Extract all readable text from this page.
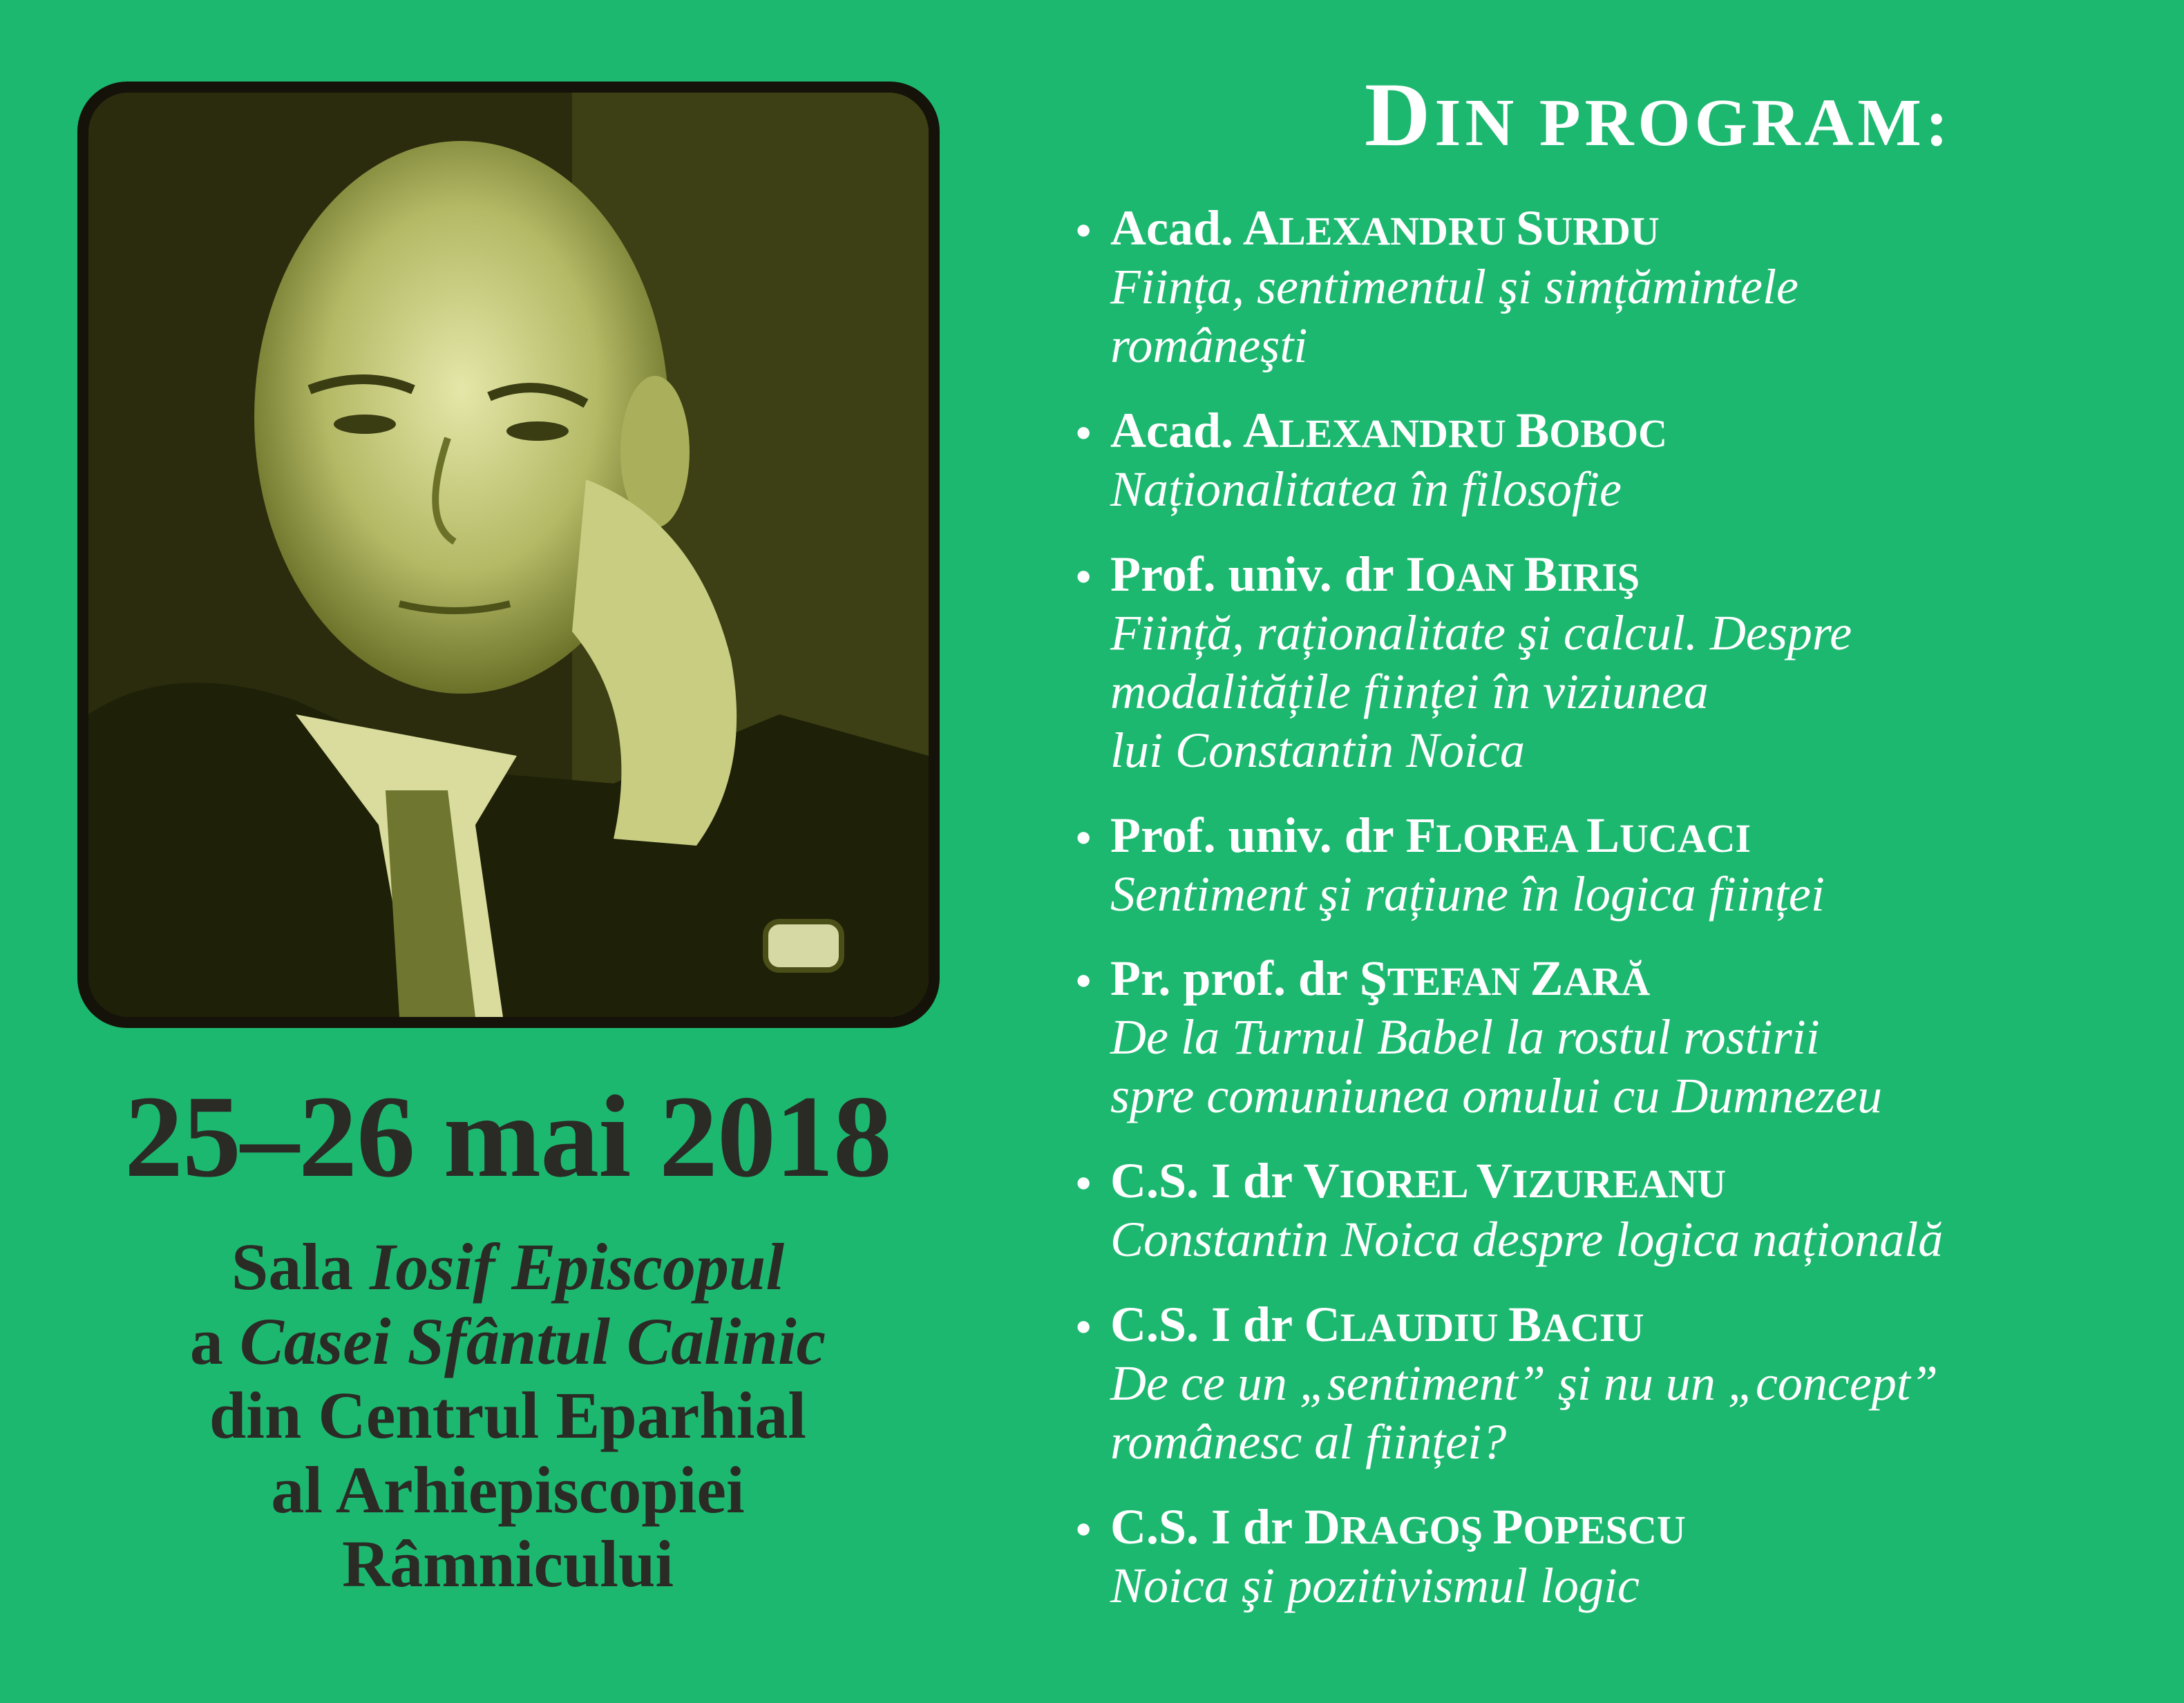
25–26 mai 2018
Sala Iosif Episcopul
a Casei Sfântul Calinic
din Centrul Eparhial
al Arhiepiscopiei
Râmnicului
DIN PROGRAM:
• Acad. ALEXANDRU SURDU
Ființa, sentimentul şi simțămintele
româneşti
• Acad. ALEXANDRU BOBOC
Naționalitatea în filosofie
• Prof. univ. dr IOAN BIRIŞ
Ființă, raționalitate şi calcul. Despre
modalitățile ființei în viziunea
lui Constantin Noica
• Prof. univ. dr FLOREA LUCACI
Sentiment şi rațiune în logica ființei
• Pr. prof. dr ŞTEFAN ZARĂ
De la Turnul Babel la rostul rostirii
spre comuniunea omului cu Dumnezeu
• C.S. I dr VIOREL VIZUREANU
Constantin Noica despre logica națională
• C.S. I dr CLAUDIU BACIU
De ce un „sentiment” şi nu un „concept”
românesc al ființei?
• C.S. I dr DRAGOŞ POPESCU
Noica şi pozitivismul logic
